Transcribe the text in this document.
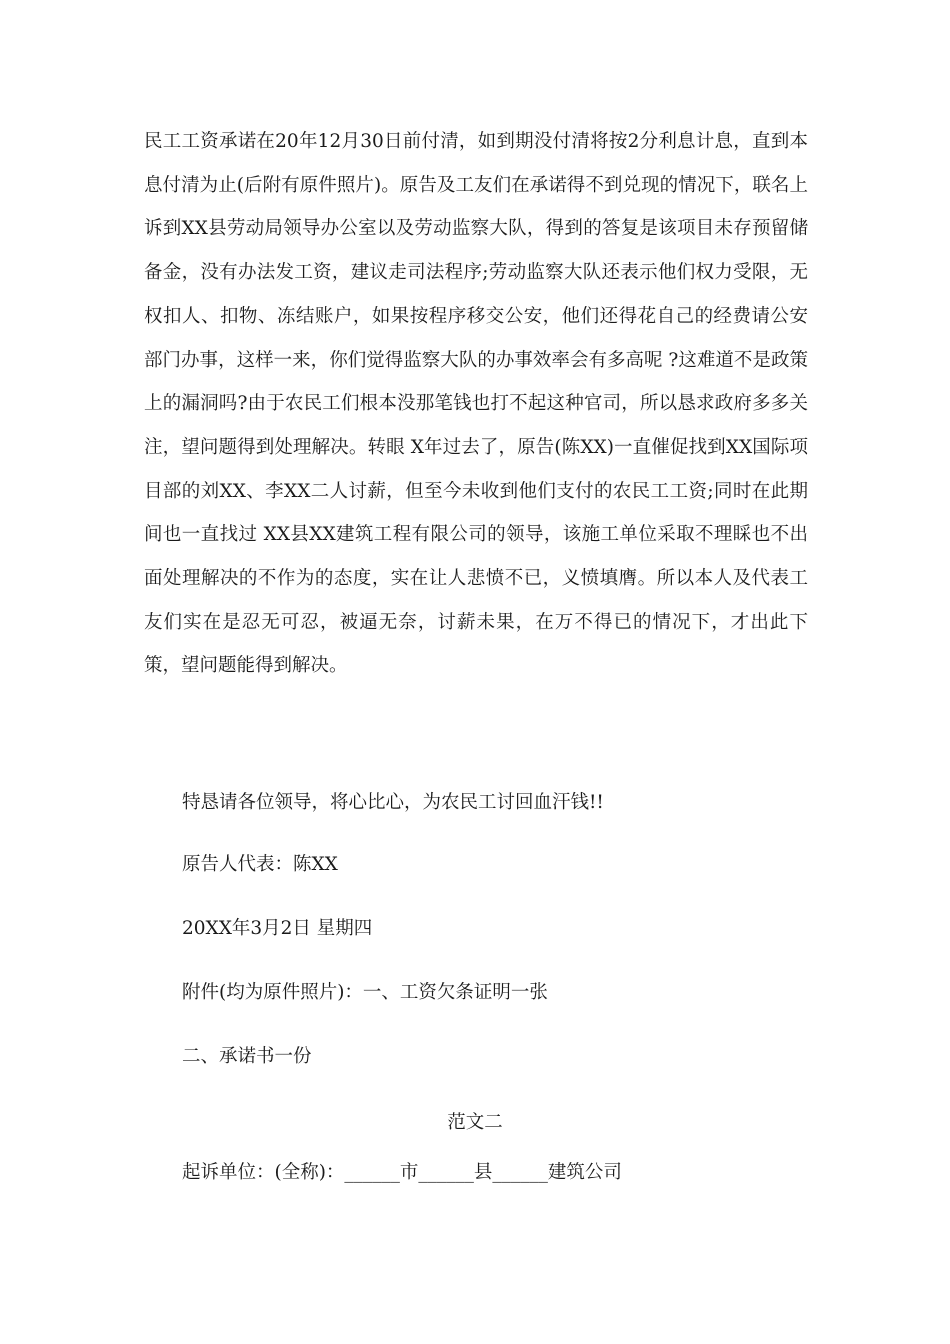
民工工资承诺在20年12月30日前付清，如到期没付清将按2分利息计息，直到本息付清为止(后附有原件照片)。原告及工友们在承诺得不到兑现的情况下，联名上诉到XX县劳动局领导办公室以及劳动监察大队，得到的答复是该项目未存预留储备金，没有办法发工资，建议走司法程序;劳动监察大队还表示他们权力受限，无权扣人、扣物、冻结账户，如果按程序移交公安，他们还得花自己的经费请公安部门办事，这样一来，你们觉得监察大队的办事效率会有多高呢 ?这难道不是政策上的漏洞吗?由于农民工们根本没那笔钱也打不起这种官司，所以恳求政府多多关注，望问题得到处理解决。转眼 X年过去了，原告(陈XX)一直催促找到XX国际项目部的刘XX、李XX二人讨薪，但至今未收到他们支付的农民工工资;同时在此期间也一直找过 XX县XX建筑工程有限公司的领导，该施工单位采取不理睬也不出面处理解决的不作为的态度，实在让人悲愤不已，义愤填膺。所以本人及代表工友们实在是忍无可忍，被逼无奈，讨薪未果，在万不得已的情况下，才出此下策，望问题能得到解决。

特恳请各位领导，将心比心，为农民工讨回血汗钱!!

原告人代表：陈XX

20XX年3月2日 星期四

附件(均为原件照片)：一、工资欠条证明一张

二、承诺书一份

范文二

起诉单位：(全称)：______市______县______建筑公司
